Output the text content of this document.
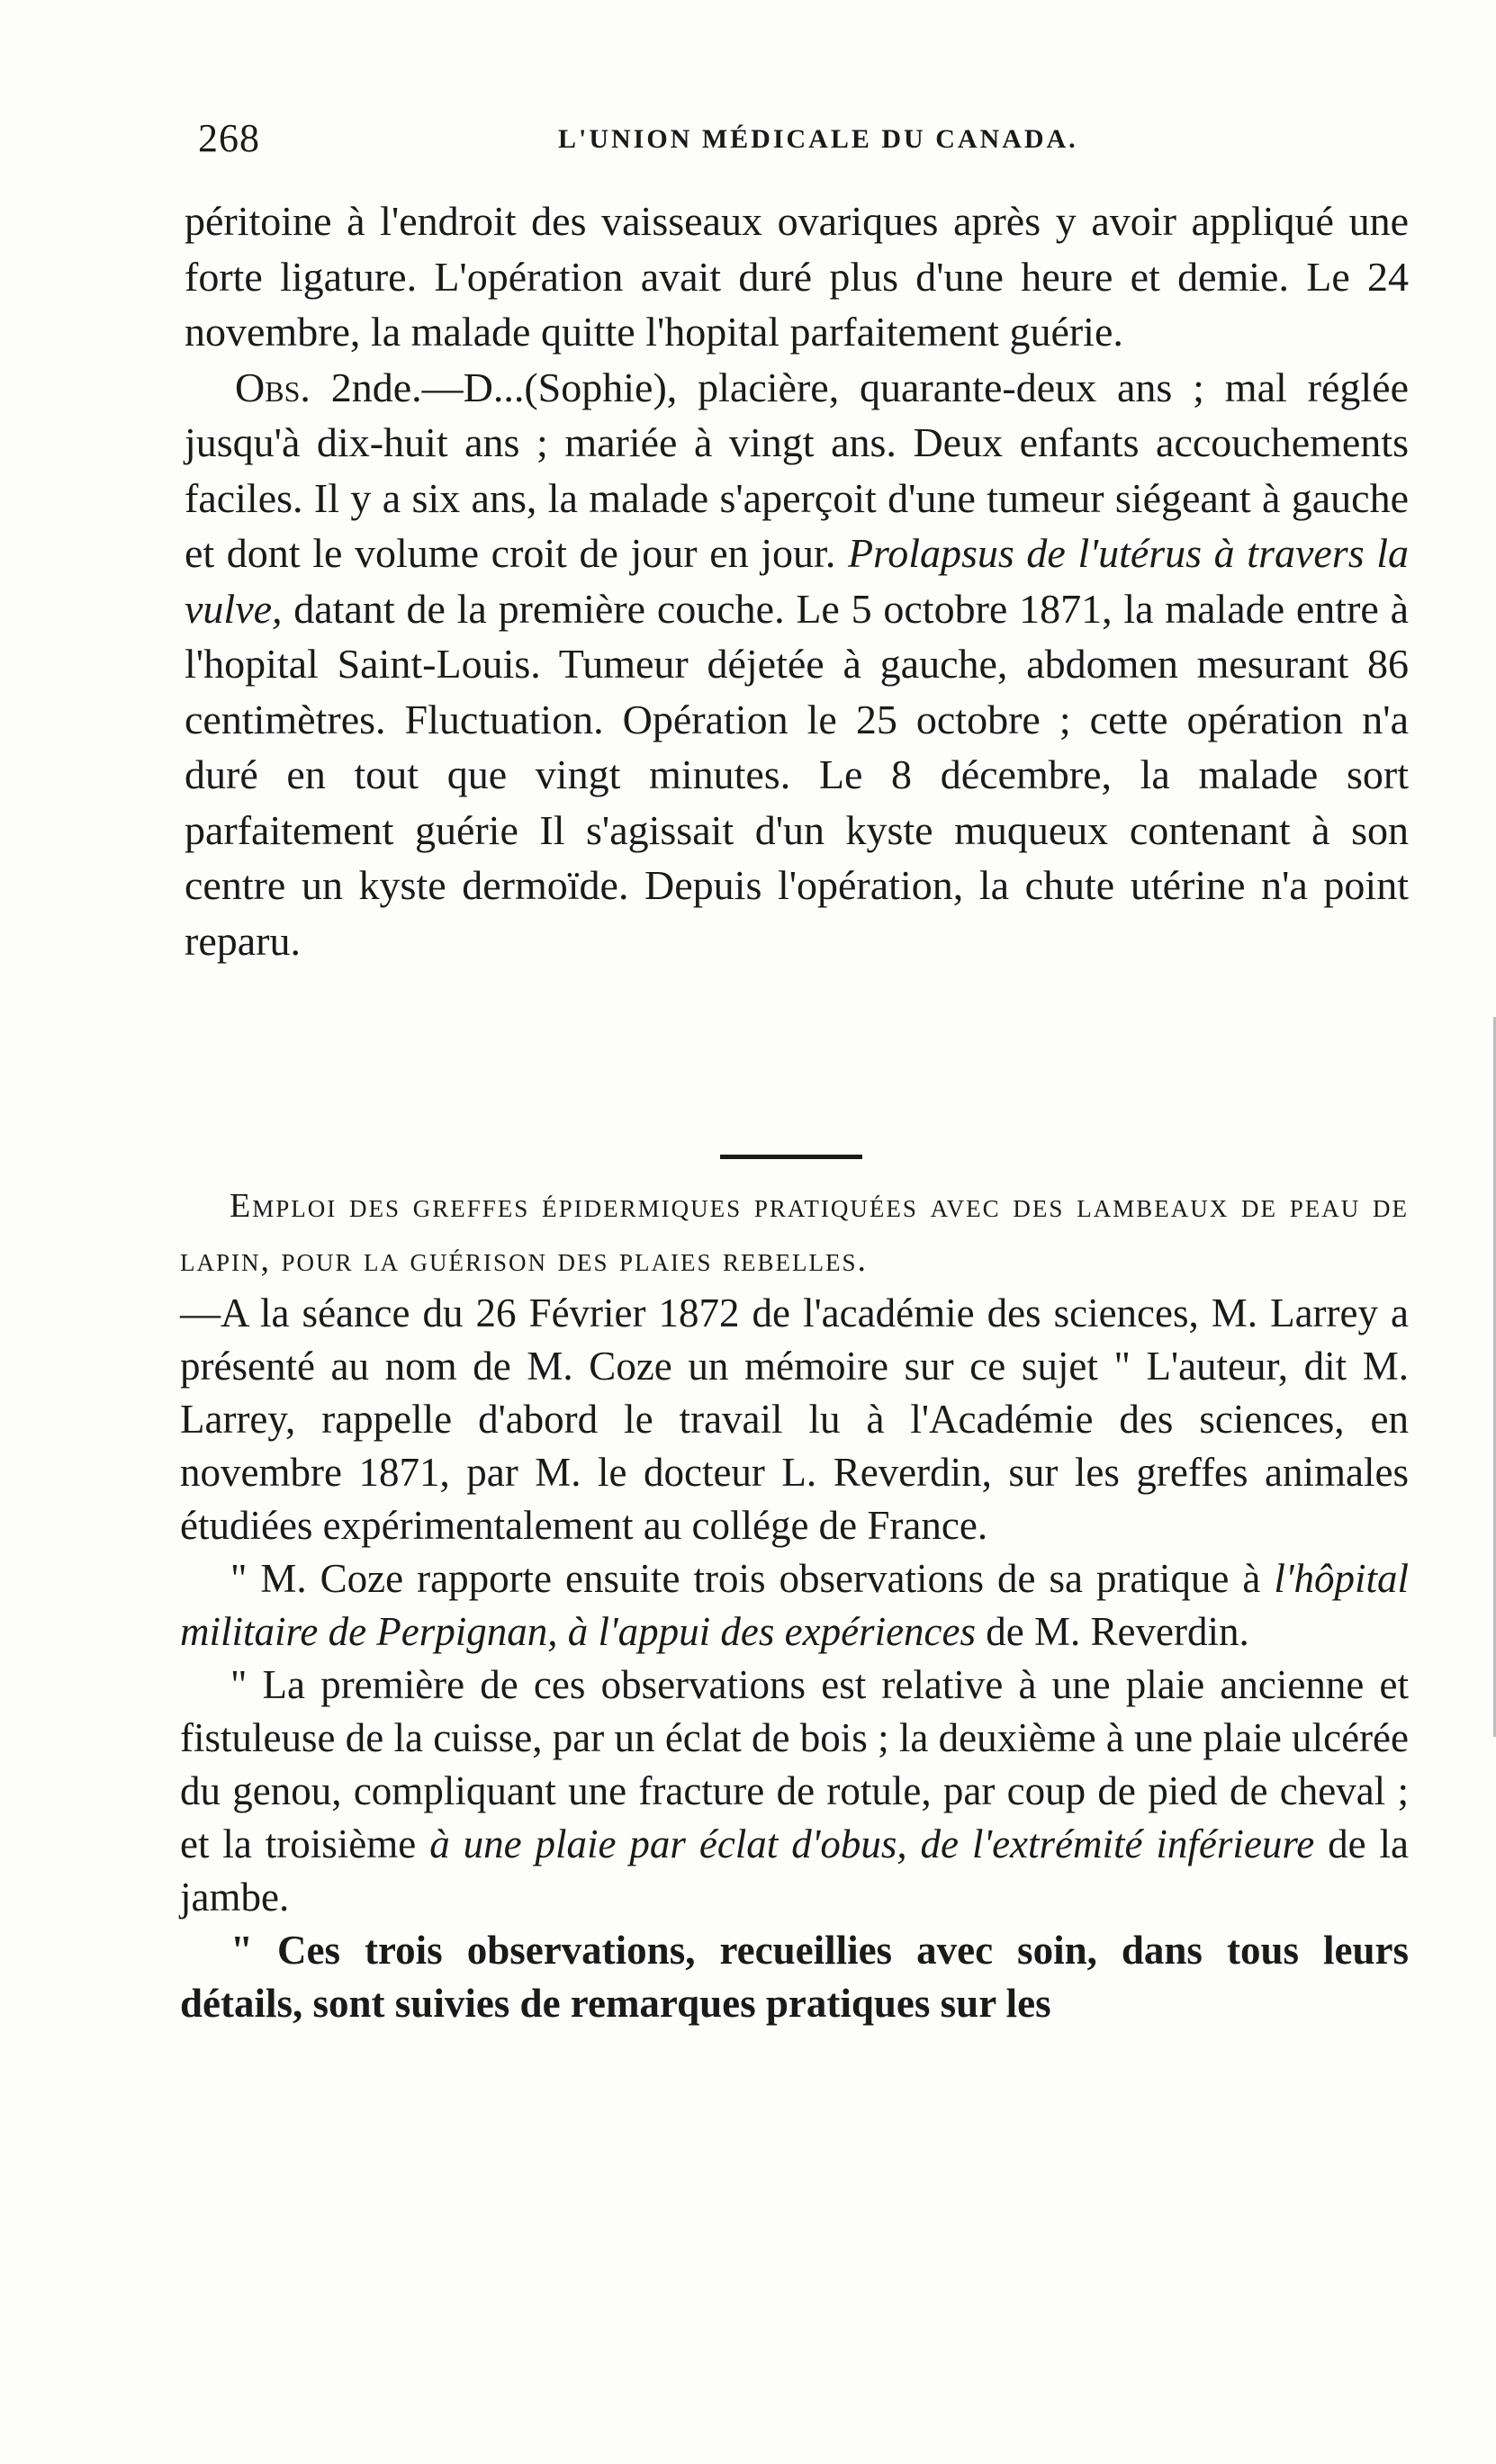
268	L'UNION MÉDICALE DU CANADA.

péritoine à l'endroit des vaisseaux ovariques après y avoir appliqué une forte ligature. L'opération avait duré plus d'une heure et demie. Le 24 novembre, la malade quitte l'hopital parfaitement guérie.

Obs. 2nde.—D...(Sophie), placière, quarante-deux ans ; mal réglée jusqu'à dix-huit ans ; mariée à vingt ans. Deux enfants accouchements faciles. Il y a six ans, la malade s'aperçoit d'une tumeur siégeant à gauche et dont le volume croit de jour en jour. Prolapsus de l'utérus à travers la vulve, datant de la première couche. Le 5 octobre 1871, la malade entre à l'hopital Saint-Louis. Tumeur déjetée à gauche, abdomen mesurant 86 centimètres. Fluctuation. Opération le 25 octobre ; cette opération n'a duré en tout que vingt minutes. Le 8 décembre, la malade sort parfaitement guérie Il s'agissait d'un kyste muqueux contenant à son centre un kyste dermoïde. Depuis l'opération, la chute utérine n'a point reparu.

Emploi des greffes épidermiques pratiquées avec des lambeaux de peau de lapin, pour la guérison des plaies rebelles.

—A la séance du 26 Février 1872 de l'académie des sciences, M. Larrey a présenté au nom de M. Coze un mémoire sur ce sujet " L'auteur, dit M. Larrey, rappelle d'abord le travail lu à l'Académie des sciences, en novembre 1871, par M. le docteur L. Reverdin, sur les greffes animales étudiées expérimentalement au collége de France.

" M. Coze rapporte ensuite trois observations de sa pratique à l'hôpital militaire de Perpignan, à l'appui des expériences de M. Reverdin.

" La première de ces observations est relative à une plaie ancienne et fistuleuse de la cuisse, par un éclat de bois ; la deuxième à une plaie ulcérée du genou, compliquant une fracture de rotule, par coup de pied de cheval ; et la troisième à une plaie par éclat d'obus, de l'extrémité inférieure de la jambe.

" Ces trois observations, recueillies avec soin, dans tous leurs détails, sont suivies de remarques pratiques sur les
